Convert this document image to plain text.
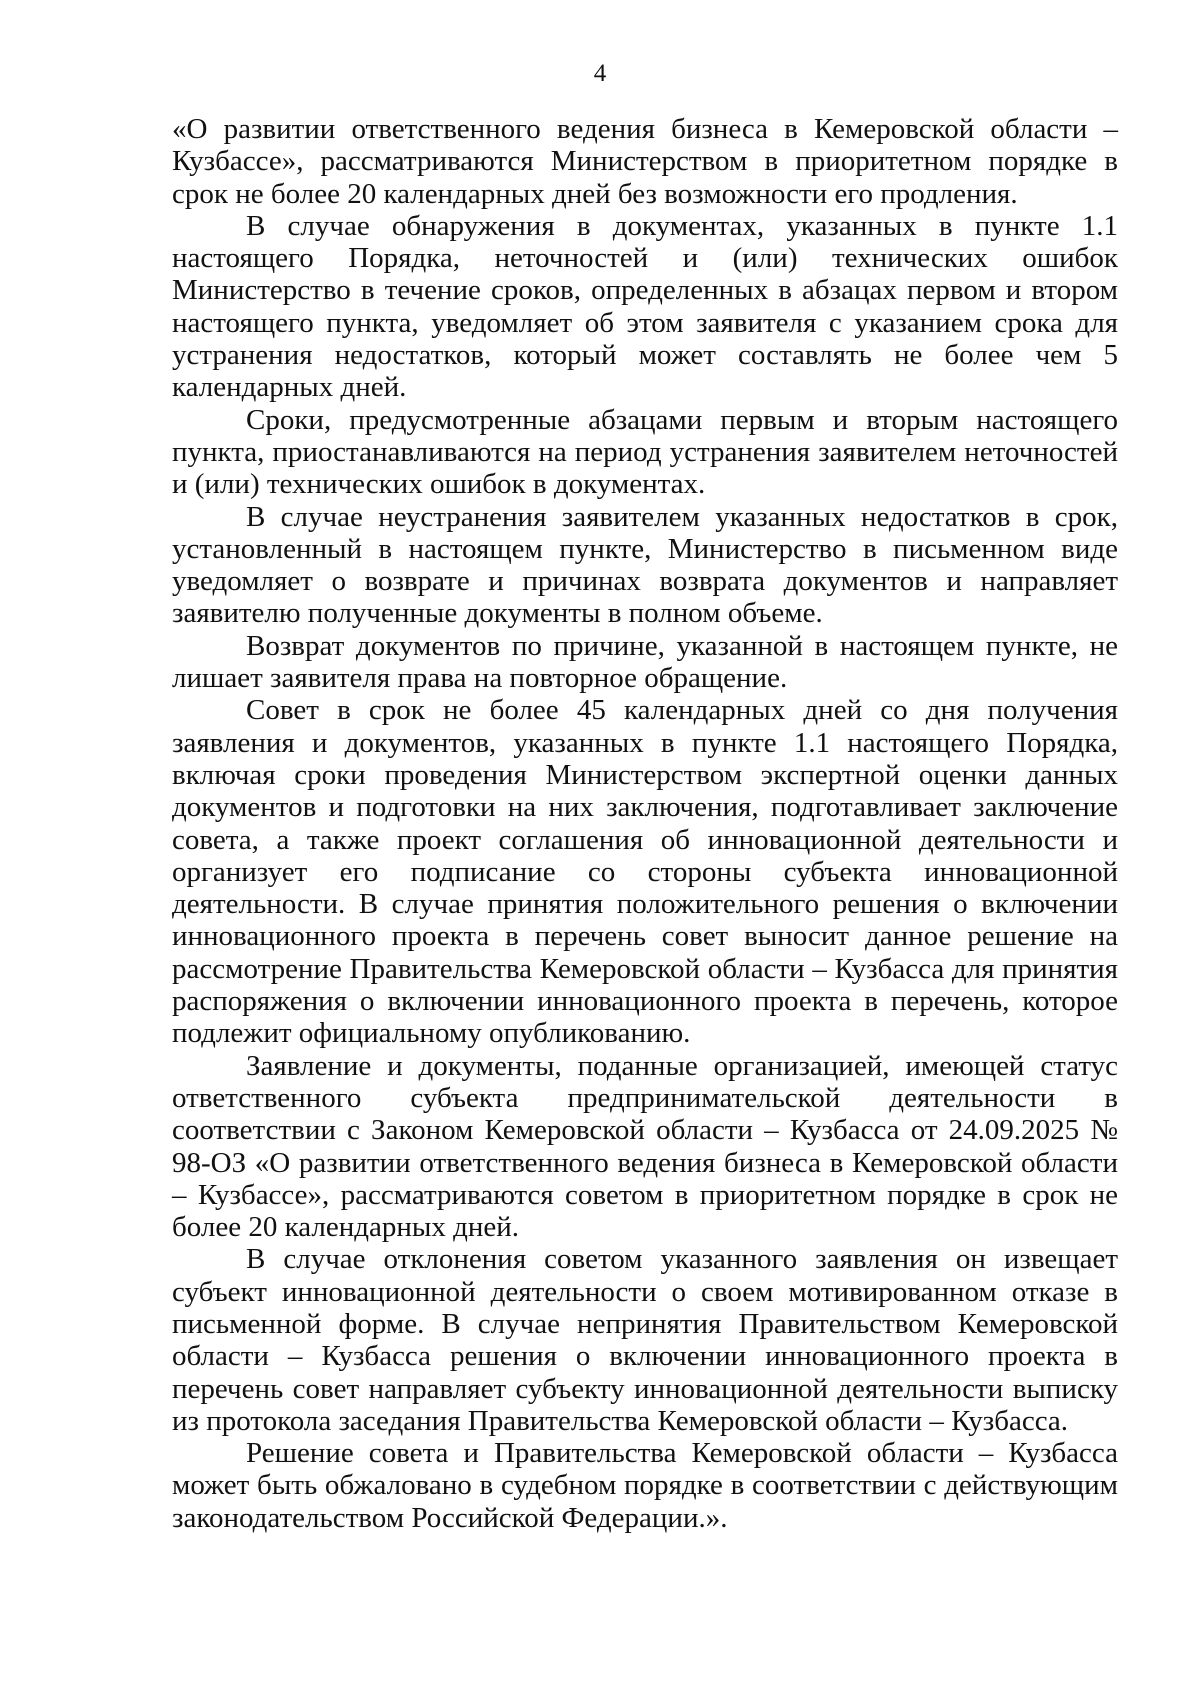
4

«О развитии ответственного ведения бизнеса в Кемеровской области – Кузбассе», рассматриваются Министерством в приоритетном порядке в срок не более 20 календарных дней без возможности его продления.

В случае обнаружения в документах, указанных в пункте 1.1 настоящего Порядка, неточностей и (или) технических ошибок Министерство в течение сроков, определенных в абзацах первом и втором настоящего пункта, уведомляет об этом заявителя с указанием срока для устранения недостатков, который может составлять не более чем 5 календарных дней.

Сроки, предусмотренные абзацами первым и вторым настоящего пункта, приостанавливаются на период устранения заявителем неточностей и (или) технических ошибок в документах.

В случае неустранения заявителем указанных недостатков в срок, установленный в настоящем пункте, Министерство в письменном виде уведомляет о возврате и причинах возврата документов и направляет заявителю полученные документы в полном объеме.

Возврат документов по причине, указанной в настоящем пункте, не лишает заявителя права на повторное обращение.

Совет в срок не более 45 календарных дней со дня получения заявления и документов, указанных в пункте 1.1 настоящего Порядка, включая сроки проведения Министерством экспертной оценки данных документов и подготовки на них заключения, подготавливает заключение совета, а также проект соглашения об инновационной деятельности и организует его подписание со стороны субъекта инновационной деятельности. В случае принятия положительного решения о включении инновационного проекта в перечень совет выносит данное решение на рассмотрение Правительства Кемеровской области – Кузбасса для принятия распоряжения о включении инновационного проекта в перечень, которое подлежит официальному опубликованию.

Заявление и документы, поданные организацией, имеющей статус ответственного субъекта предпринимательской деятельности в соответствии с Законом Кемеровской области – Кузбасса от 24.09.2025 № 98-ОЗ «О развитии ответственного ведения бизнеса в Кемеровской области – Кузбассе», рассматриваются советом в приоритетном порядке в срок не более 20 календарных дней.

В случае отклонения советом указанного заявления он извещает субъект инновационной деятельности о своем мотивированном отказе в письменной форме. В случае непринятия Правительством Кемеровской области – Кузбасса решения о включении инновационного проекта в перечень совет направляет субъекту инновационной деятельности выписку из протокола заседания Правительства Кемеровской области – Кузбасса.

Решение совета и Правительства Кемеровской области – Кузбасса может быть обжаловано в судебном порядке в соответствии с действующим законодательством Российской Федерации.».
